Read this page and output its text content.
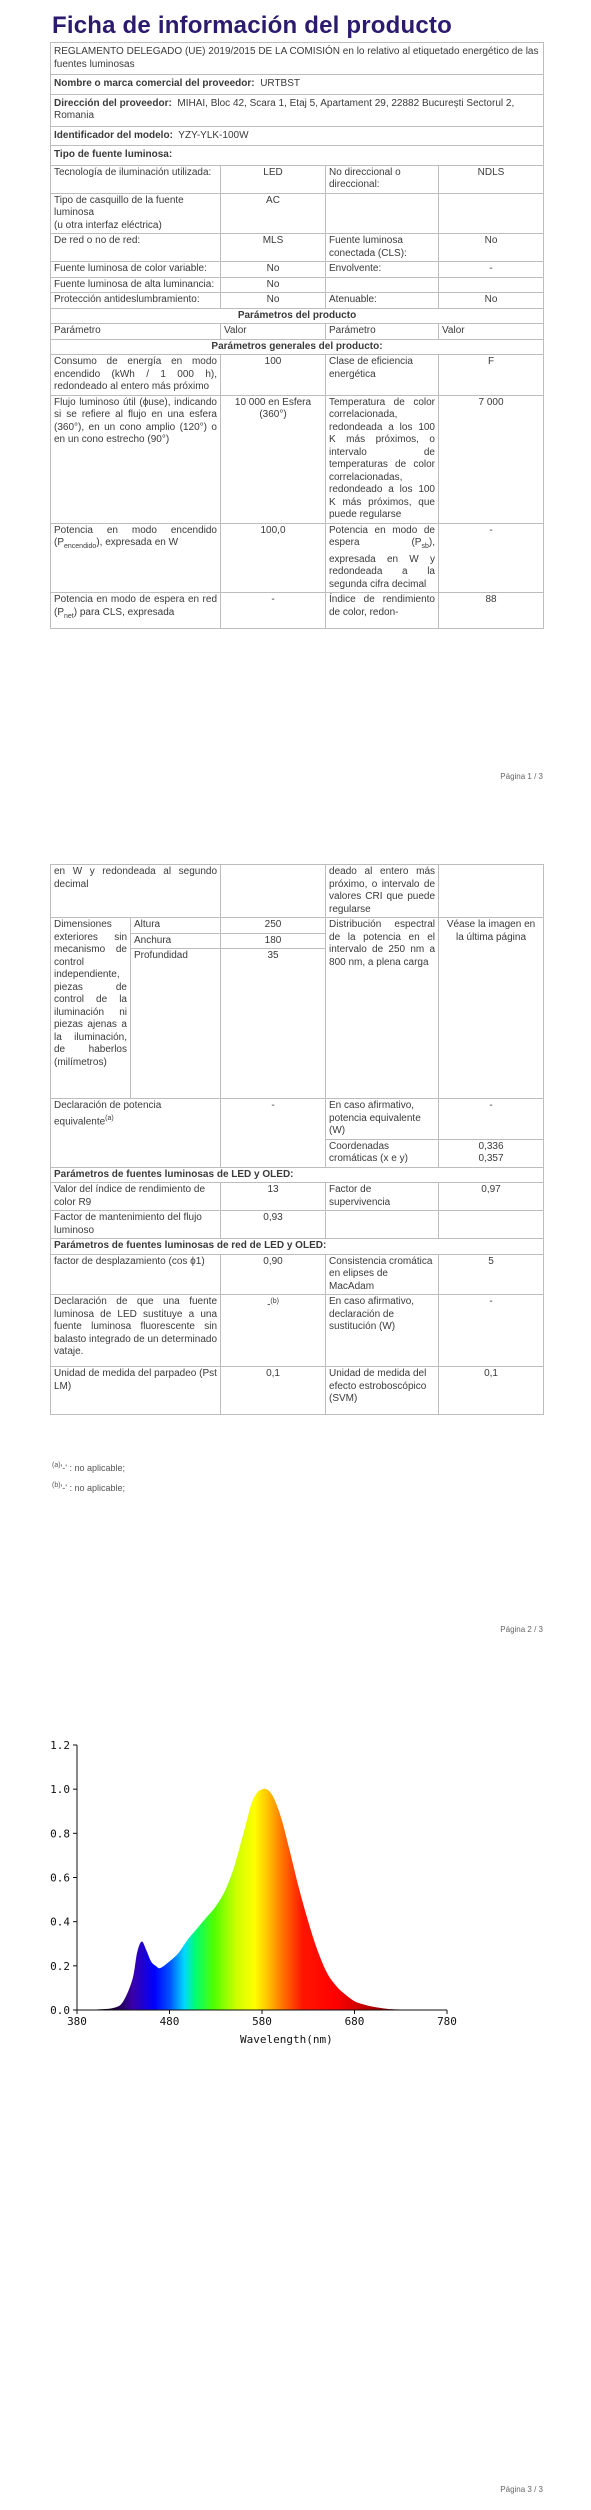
Ficha de información del producto
REGLAMENTO DELEGADO (UE) 2019/2015 DE LA COMISIÓN en lo relativo al etiquetado energético de las fuentes luminosas			
Nombre o marca comercial del proveedor: URTBST			
Dirección del proveedor: MIHAI, Bloc 42, Scara 1, Etaj 5, Apartament 29, 22882 București Sectorul 2, Romania			
Identificador del modelo: YZY-YLK-100W			
Tipo de fuente luminosa:			
Tecnología de iluminación utilizada:	LED	No direccional o direccional:	NDLS
Tipo de casquillo de la fuente luminosa
(u otra interfaz eléctrica)	AC		
De red o no de red:	MLS	Fuente luminosa conectada (CLS):	No
Fuente luminosa de color variable:	No	Envolvente:	-
Fuente luminosa de alta luminancia:	No		
Protección antideslumbramiento:	No	Atenuable:	No
Parámetros del producto			
Parámetro	Valor	Parámetro	Valor
Parámetros generales del producto:			
Consumo de energía en modo encendido (kWh / 1 000 h), redondeado al entero más próximo	100	Clase de eficiencia energética	F
Flujo luminoso útil (ϕuse), indicando si se refiere al flujo en una esfera (360°), en un cono amplio (120°) o en un cono estrecho (90°)	10 000 en Esfera (360°)	Temperatura de color correlacionada, redondeada a los 100 K más próximos, o intervalo de temperaturas de color correlacionadas, redondeado a los 100 K más próximos, que puede regularse	7 000
Potencia en modo encendido $(P_{encendido})$, expresada en W	100,0	Potencia en modo de espera $(P_{sb})$, expresada en W y redondeada a la segunda cifra decimal	-
Potencia en modo de espera en red $(P_{net})$ para CLS, expresada	-	Índice de rendimiento de color, redon-	88
Página 1 / 3
en W y redondeada al segundo decimal			deado al entero más próximo, o intervalo de valores CRI que puede regularse	
Dimensiones exteriores sin mecanismo de control independiente, piezas de control de la iluminación ni piezas ajenas a la iluminación, de haberlos (milímetros)	Altura	250	Distribución espectral de la potencia en el intervalo de 250 nm a 800 nm, a plena carga	Véase la imagen en la última página
	Anchura	180		
	Profundidad	35		
Declaración de potencia equivalente$^{(a)}$		-	En caso afirmativo, potencia equivalente (W)	-
			Coordenadas cromáticas (x e y)	0,336
0,357
Parámetros de fuentes luminosas de LED y OLED:				
Valor del índice de rendimiento de color R9		13	Factor de supervivencia	0,97
Factor de mantenimiento del flujo luminoso		0,93		
Parámetros de fuentes luminosas de red de LED y OLED:				
factor de desplazamiento (cos ϕ1)		0,90	Consistencia cromática en elipses de MacAdam	5
Declaración de que una fuente luminosa de LED sustituye a una fuente luminosa fluorescente sin balasto integrado de un determinado vataje.		-$^{(b)}$	En caso afirmativo, declaración de sustitución (W)	-
Unidad de medida del parpadeo (Pst LM)		0,1	Unidad de medida del efecto estroboscópico (SVM)	0,1
$^{(a)}$'-' : no aplicable;
$^{(b)}$'-' : no aplicable;
Página 2 / 3
0.0
0.2
0.4
0.6
0.8
1.0
1.2
380	480	580	680	780
Wavelength(nm)
Página 3 / 3
